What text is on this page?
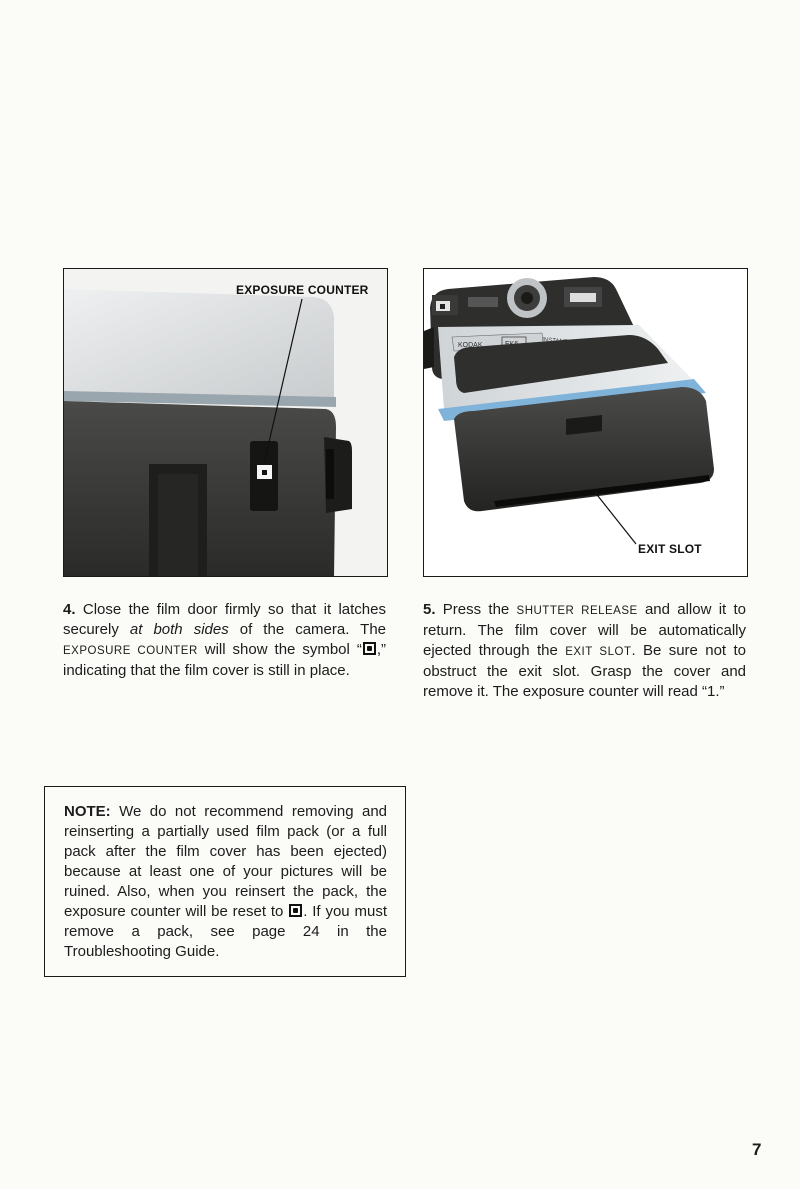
EXPOSURE COUNTER
KODAK
EXIT SLOT

4. Close the film door firmly so that it latches securely at both sides of the camera. The EXPOSURE COUNTER will show the symbol “ ,” indicating that the film cover is still in place.

5. Press the SHUTTER RELEASE and allow it to return. The film cover will be automatically ejected through the EXIT SLOT. Be sure not to obstruct the exit slot. Grasp the cover and remove it. The exposure counter will read “1.”

NOTE: We do not recommend removing and reinserting a partially used film pack (or a full pack after the film cover has been ejected) because at least one of your pictures will be ruined. Also, when you reinsert the pack, the exposure counter will be reset to . If you must remove a pack, see page 24 in the Troubleshooting Guide.
7
